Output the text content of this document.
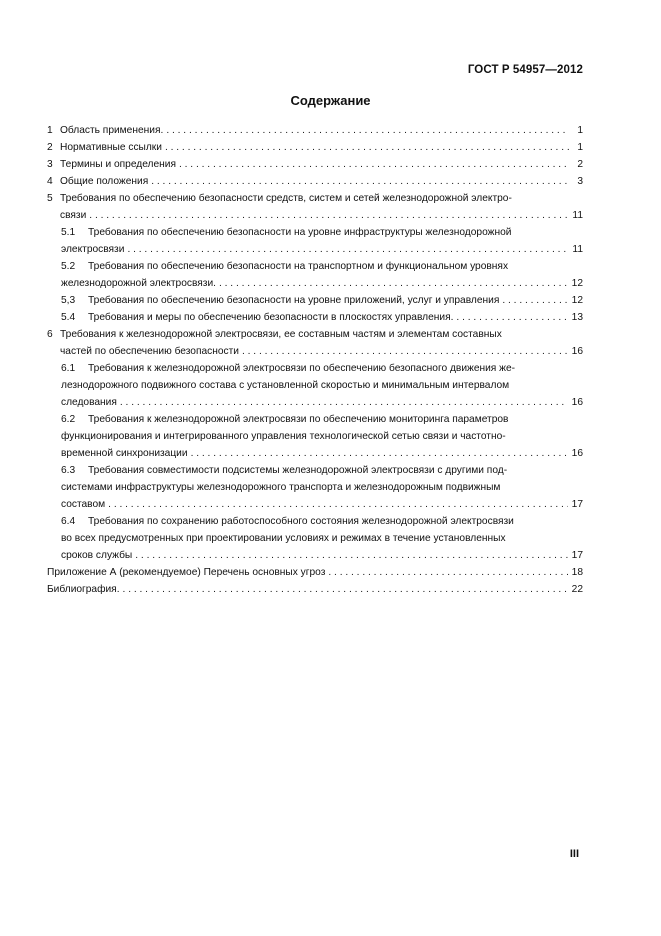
ГОСТ Р 54957—2012
Содержание
1 Область применения. . . .	1
2 Нормативные ссылки . . .	1
3 Термины и определения . . .	2
4 Общие положения . . .	3
5 Требования по обеспечению безопасности средств, систем и сетей железнодорожной электро-
связи . . .	11
5.1 Требования по обеспечению безопасности на уровне инфраструктуры железнодорожной
электросвязи . . .	11
5.2 Требования по обеспечению безопасности на транспортном и функциональном уровнях
железнодорожной электросвязи. . . .	12
5,3 Требования по обеспечению безопасности на уровне приложений, услуг и управления . . .	12
5.4 Требования и меры по обеспечению безопасности в плоскостях управления. . . .	13
6 Требования к железнодорожной электросвязи, ее составным частям и элементам составных
частей по обеспечению безопасности . . .	16
6.1 Требования к железнодорожной электросвязи по обеспечению безопасного движения же-
лезнодорожного подвижного состава с установленной скоростью и минимальным интервалом
следования . . .	16
6.2 Требования к железнодорожной электросвязи по обеспечению мониторинга параметров
функционирования и интегрированного управления технологической сетью связи и частотно-
временной синхронизации . . .	16
6.3 Требования совместимости подсистемы железнодорожной электросвязи с другими под-
системами инфраструктуры железнодорожного транспорта и железнодорожным подвижным
составом . . .	17
6.4 Требования по сохранению работоспособного состояния железнодорожной электросвязи
во всех предусмотренных при проектировании условиях и режимах в течение установленных
сроков службы . . .	17
Приложение А (рекомендуемое) Перечень основных угроз . . .	18
Библиография. . . .	22
III
